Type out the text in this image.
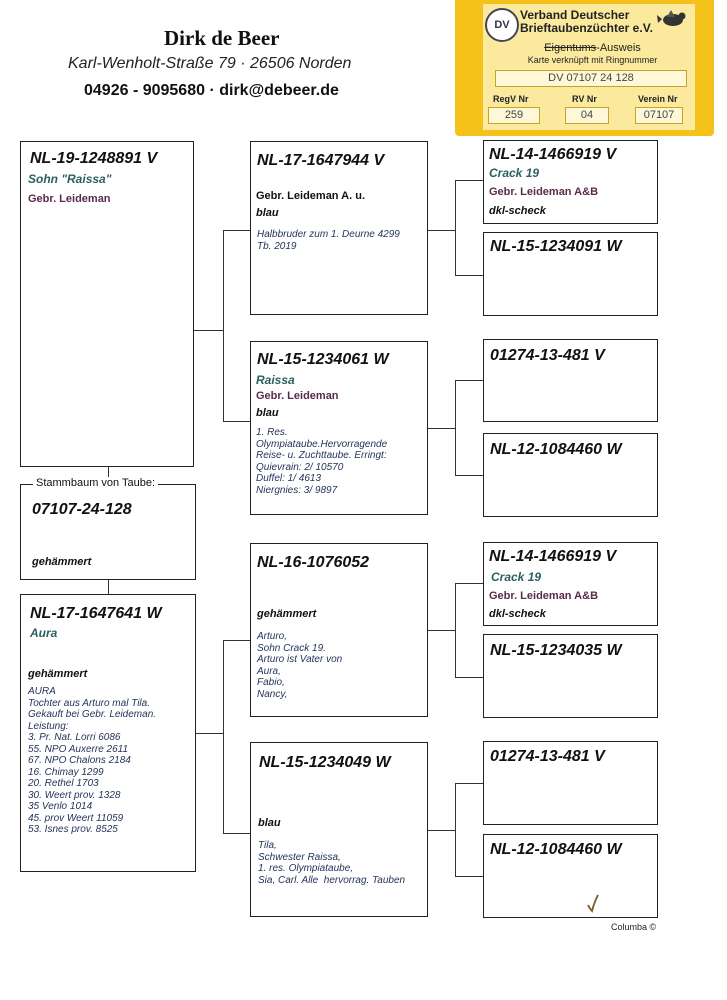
Dirk de Beer
Karl-Wenholt-Straße 79 · 26506 Norden
04926 - 9095680 · dirk@debeer.de
DV
Verband Deutscher
Brieftaubenzüchter e.V.
Eigentums-Ausweis
Karte verknüpft mit Ringnummer
DV 07107 24 128
RegV Nr	RV Nr	Verein Nr
259	04	07107
NL-19-1248891 V
Sohn "Raissa"
Gebr. Leideman
Stammbaum von Taube:
07107-24-128
gehämmert
NL-17-1647641 W
Aura
gehämmert
AURA
Tochter aus Arturo mal Tila.
Gekauft bei Gebr. Leideman.
Leistung:
3. Pr. Nat. Lorri 6086
55. NPO Auxerre 2611
67. NPO Chalons 2184
16. Chimay 1299
20. Rethel 1703
30. Weert prov. 1328
35 Venlo 1014
45. prov Weert 11059
53. Isnes prov. 8525
NL-17-1647944 V
Gebr. Leideman A. u.
blau
Halbbruder zum 1. Deurne 4299
Tb. 2019
NL-15-1234061 W
Raissa
Gebr. Leideman
blau
1. Res.
Olympiataube.Hervorragende
Reise- u. Zuchttaube. Erringt:
Quievrain: 2/ 10570
Duffel: 1/ 4613
Niergnies: 3/ 9897
NL-16-1076052
gehämmert
Arturo,
Sohn Crack 19.
Arturo ist Vater von
Aura,
Fabio,
Nancy,
NL-15-1234049 W
blau
Tila,
Schwester Raissa,
1. res. Olympiataube,
Sia, Carl. Alle  hervorrag. Tauben
NL-14-1466919 V
Crack 19
Gebr. Leideman A&B
dkl-scheck
NL-15-1234091 W
01274-13-481 V
NL-12-1084460 W
NL-14-1466919 V
Crack 19
Gebr. Leideman A&B
dkl-scheck
NL-15-1234035 W
01274-13-481 V
NL-12-1084460 W
Columba ©
